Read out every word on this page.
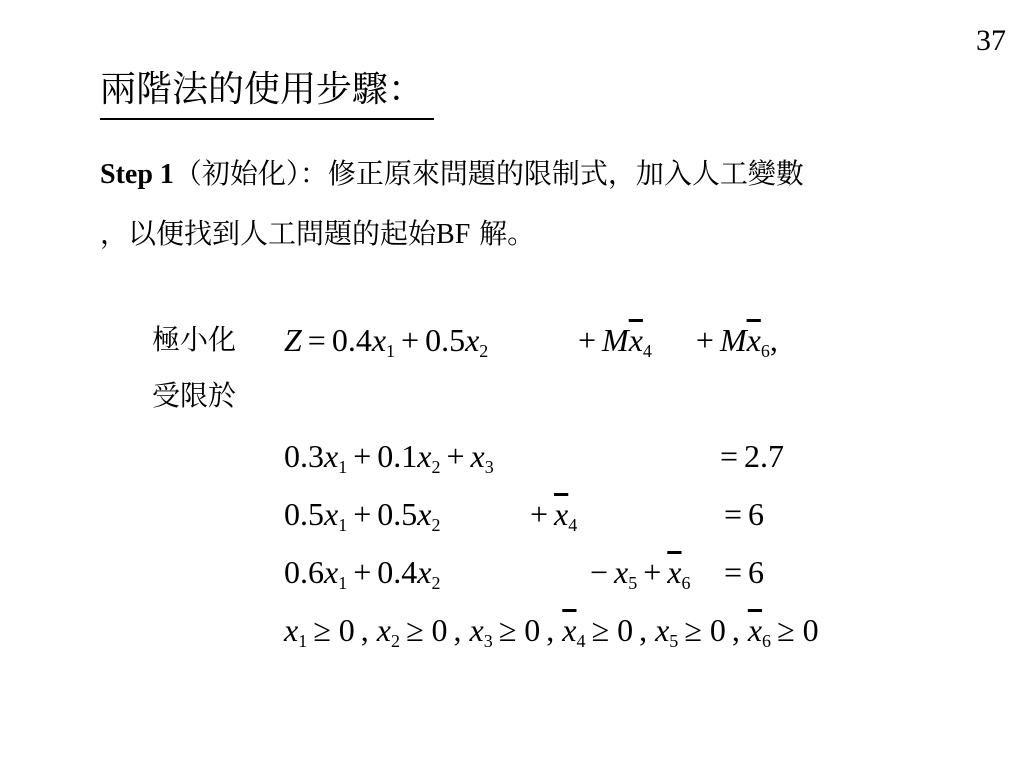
37
兩階法的使用步驟：
Step 1（初始化）：修正原來問題的限制式，加入人工變數
，以便找到人工問題的起始BF 解。
極小化 $Z = 0.4x_1 + 0.5x_2$	+ $M\overline{x}_4 + M\overline{x}_6$,
受限於
$0.3x_1 + 0.1x_2 + x_3$	= 2.7
$0.5x_1 + 0.5x_2$	+ $\overline{x}_4$	= 6
$0.6x_1 + 0.4x_2$	− $x_5 + \overline{x}_6 = 6$
$x_1 \ge 0$ , $x_2 \ge 0$ , $x_3 \ge 0$ , $\overline{x}_4 \ge 0$ , $x_5 \ge 0$ , $\overline{x}_6 \ge 0$
